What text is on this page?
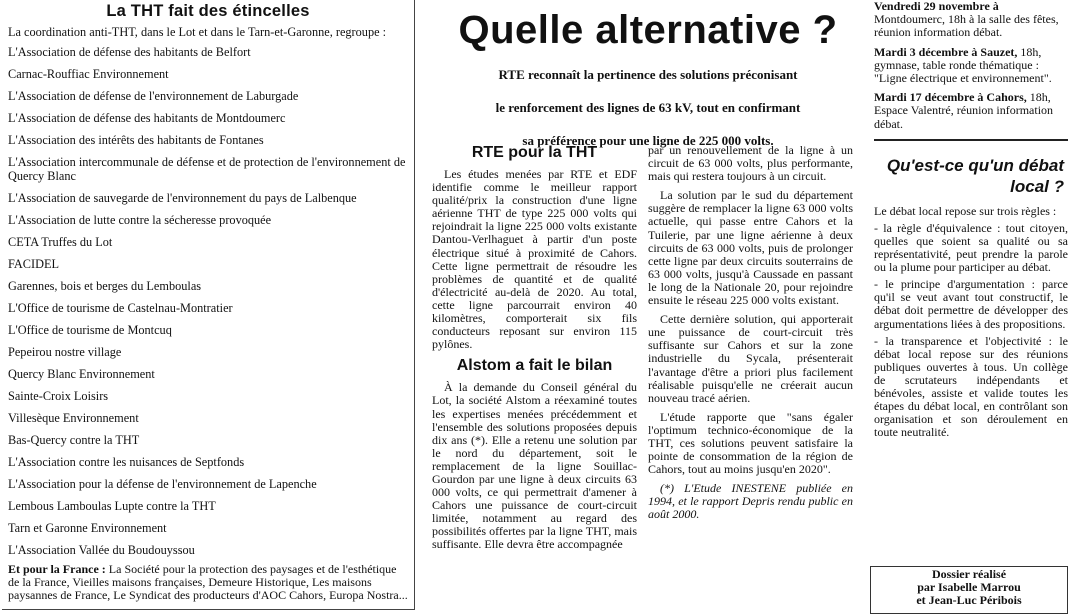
La THT fait des étincelles
La coordination anti-THT, dans le Lot et dans le Tarn-et-Garonne, regroupe :
L'Association de défense des habitants de Belfort
Carnac-Rouffiac Environnement
L'Association de défense de l'environnement de Laburgade
L'Association de défense des habitants de Montdoumerc
L'Association des intérêts des habitants de Fontanes
L'Association intercommunale de défense et de protection de l'environnement de Quercy Blanc
L'Association de sauvegarde de l'environnement du pays de Lalbenque
L'Association de lutte contre la sécheresse provoquée
CETA Truffes du Lot
FACIDEL
Garennes, bois et berges du Lemboulas
L'Office de tourisme de Castelnau-Montratier
L'Office de tourisme de Montcuq
Pepeirou nostre village
Quercy Blanc Environnement
Sainte-Croix Loisirs
Villesèque Environnement
Bas-Quercy contre la THT
L'Association contre les nuisances de Septfonds
L'Association pour la défense de l'environnement de Lapenche
Lembous Lamboulas Lupte contre la THT
Tarn et Garonne Environnement
L'Association Vallée du Boudouyssou
Et pour la France : La Société pour la protection des paysages et de l'esthétique de la France, Vieilles maisons françaises, Demeure Historique, Les maisons paysannes de France, Le Syndicat des producteurs d'AOC Cahors, Europa Nostra...
Quelle alternative ?
RTE reconnaît la pertinence des solutions préconisant
le renforcement des lignes de 63 kV, tout en confirmant
sa préférence pour une ligne de 225 000 volts.
RTE pour la THT

Les études menées par RTE et EDF identifie comme le meilleur rapport qualité/prix la construction d'une ligne aérienne THT de type 225 000 volts qui rejoindrait la ligne 225 000 volts existante Dantou-Verlhaguet à partir d'un poste électrique situé à proximité de Cahors. Cette ligne permettrait de résoudre les problèmes de quantité et de qualité d'électricité au-delà de 2020. Au total, cette ligne parcourrait environ 40 kilomètres, comporterait six fils conducteurs reposant sur environ 115 pylônes.

Alstom a fait le bilan

À la demande du Conseil général du Lot, la société Alstom a réexaminé toutes les expertises menées précédemment et l'ensemble des solutions proposées depuis dix ans (*). Elle a retenu une solution par le nord du département, soit le remplacement de la ligne Souillac-Gourdon par une ligne à deux circuits 63 000 volts, ce qui permettrait d'amener à Cahors une puissance de court-circuit limitée, notamment au regard des possibilités offertes par la ligne THT, mais suffisante. Elle devra être accompagnée

par un renouvellement de la ligne à un circuit de 63 000 volts, plus performante, mais qui restera toujours à un circuit.

La solution par le sud du département suggère de remplacer la ligne 63 000 volts actuelle, qui passe entre Cahors et la Tuilerie, par une ligne aérienne à deux circuits de 63 000 volts, puis de prolonger cette ligne par deux circuits souterrains de 63 000 volts, jusqu'à Caussade en passant le long de la Nationale 20, pour rejoindre ensuite le réseau 225 000 volts existant.

Cette dernière solution, qui apporterait une puissance de court-circuit très suffisante sur Cahors et sur la zone industrielle du Sycala, présenterait l'avantage d'être a priori plus facilement réalisable puisqu'elle ne créerait aucun nouveau tracé aérien.

L'étude rapporte que "sans égaler l'optimum technico-économique de la THT, ces solutions peuvent satisfaire la pointe de consommation de la région de Cahors, tout au moins jusqu'en 2020".

(*) L'Etude INESTENE publiée en 1994, et le rapport Depris rendu public en août 2000.

Vendredi 29 novembre à Montdoumerc, 18h à la salle des fêtes, réunion information débat.

Mardi 3 décembre à Sauzet, 18h, gymnase, table ronde thématique : "Ligne électrique et environnement".

Mardi 17 décembre à Cahors, 18h, Espace Valentré, réunion information débat.

Qu'est-ce qu'un débat local ?

Le débat local repose sur trois règles :

- la règle d'équivalence : tout citoyen, quelles que soient sa qualité ou sa représentativité, peut prendre la parole ou la plume pour participer au débat.

- le principe d'argumentation : parce qu'il se veut avant tout constructif, le débat doit permettre de développer des argumentations liées à des propositions.

- la transparence et l'objectivité : le débat local repose sur des réunions publiques ouvertes à tous. Un collège de scrutateurs indépendants et bénévoles, assiste et valide toutes les étapes du débat local, en contrôlant son organisation et son déroulement en toute neutralité.

Dossier réalisé
par Isabelle Marrou
et Jean-Luc Péribois
